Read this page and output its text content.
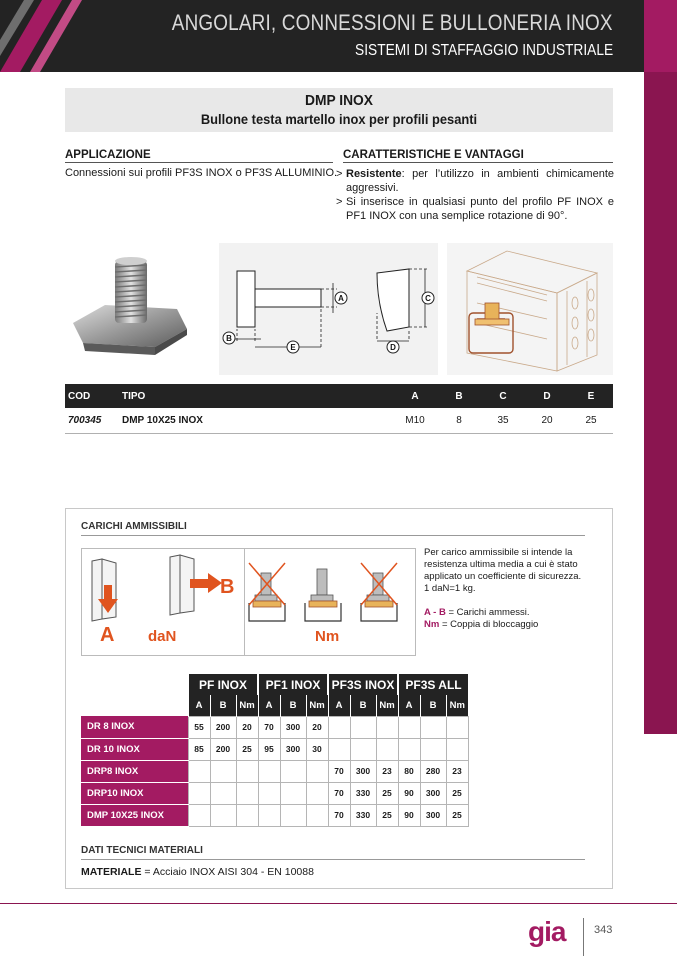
ANGOLARI, CONNESSIONI E BULLONERIA INOX
SISTEMI DI STAFFAGGIO INDUSTRIALE
DMP INOX
Bullone testa martello inox per profili pesanti
APPLICAZIONE
Connessioni sui profili PF3S INOX o PF3S ALLUMINIO.
CARATTERISTICHE E VANTAGGI
> Resistente: per l’utilizzo in ambienti chimicamente aggressivi.
> Si inserisce in qualsiasi punto del profilo PF INOX e PF1 INOX con una semplice rotazione di 90°.
A	C
B
E	D
COD	TIPO	A	B	C	D	E
700345	DMP 10X25 INOX	M10	8	35	20	25
CARICHI AMMISSIBILI
A
B
daN	Nm
Per carico ammissibile si intende la resistenza ultima media a cui è stato applicato un coefficiente di sicurezza.
1 daN=1 kg.
A - B = Carichi ammessi.
Nm = Coppia di bloccaggio
	PF INOX			PF1 INOX			PF3S INOX			PF3S ALL		
	A	B	Nm	A	B	Nm	A	B	Nm	A	B	Nm
DR 8 INOX	55	200	20	70	300	20						
DR 10 INOX	85	200	25	95	300	30						
DRP8 INOX							70	300	23	80	280	23
DRP10 INOX							70	330	25	90	300	25
DMP 10X25 INOX							70	330	25	90	300	25
DATI TECNICI MATERIALI
MATERIALE = Acciaio INOX AISI 304 - EN 10088
gia	343
